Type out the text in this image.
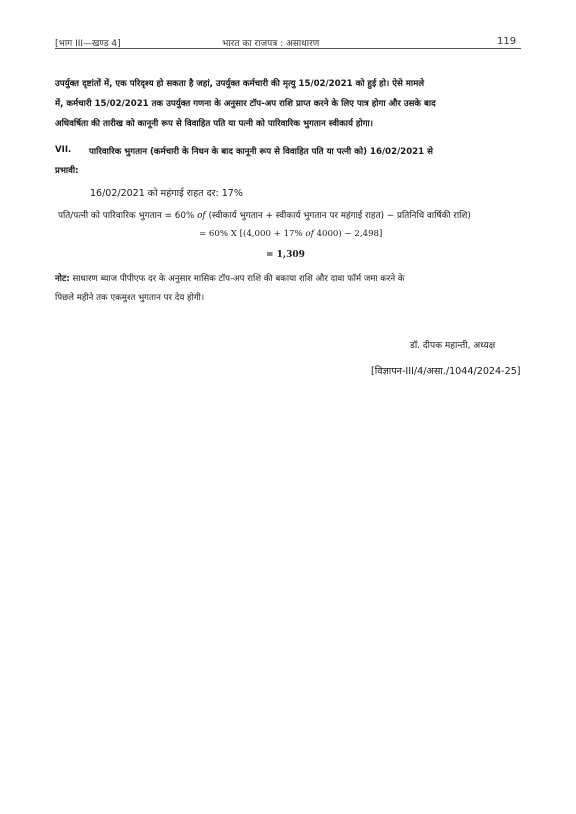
[भाग III—खण्ड 4]	भारत का राजपत्र : असाधारण	119
उपर्युक्त दृष्टांतों में, एक परिदृश्य हो सकता है जहां, उपर्युक्त कर्मचारी की मृत्यु 15/02/2021 को हुई हो। ऐसे मामले
में, कर्मचारी 15/02/2021 तक उपर्युक्त गणना के अनुसार टॉप-अप राशि प्राप्त करने के लिए पात्र होगा और उसके बाद
अधिवर्षिता की तारीख को कानूनी रूप से विवाहित पति या पत्नी को पारिवारिक भुगतान स्वीकार्य होगा।
VII. पारिवारिक भुगतान (कर्मचारी के निधन के बाद कानूनी रूप से विवाहित पति या पत्नी को) 16/02/2021 से
प्रभावी:
16/02/2021 को महंगाई राहत दर: 17%
पति/पत्नी को पारिवारिक भुगतान = 60% of (स्वीकार्य भुगतान + स्वीकार्य भुगतान पर महंगाई राहत) − प्रतिनिधि वार्षिकी राशि)
= 60% X [(4,000 + 17% of 4000) − 2,498]
= 1,309
नोट: साधारण ब्याज पीपीएफ दर के अनुसार मासिक टॉप-अप राशि की बकाया राशि और दावा फॉर्म जमा करने के
पिछले महीने तक एकमुश्त भुगतान पर देय होगी।
डॉ. दीपक महान्ती, अध्यक्ष
[विज्ञापन-III/4/असा./1044/2024-25]
